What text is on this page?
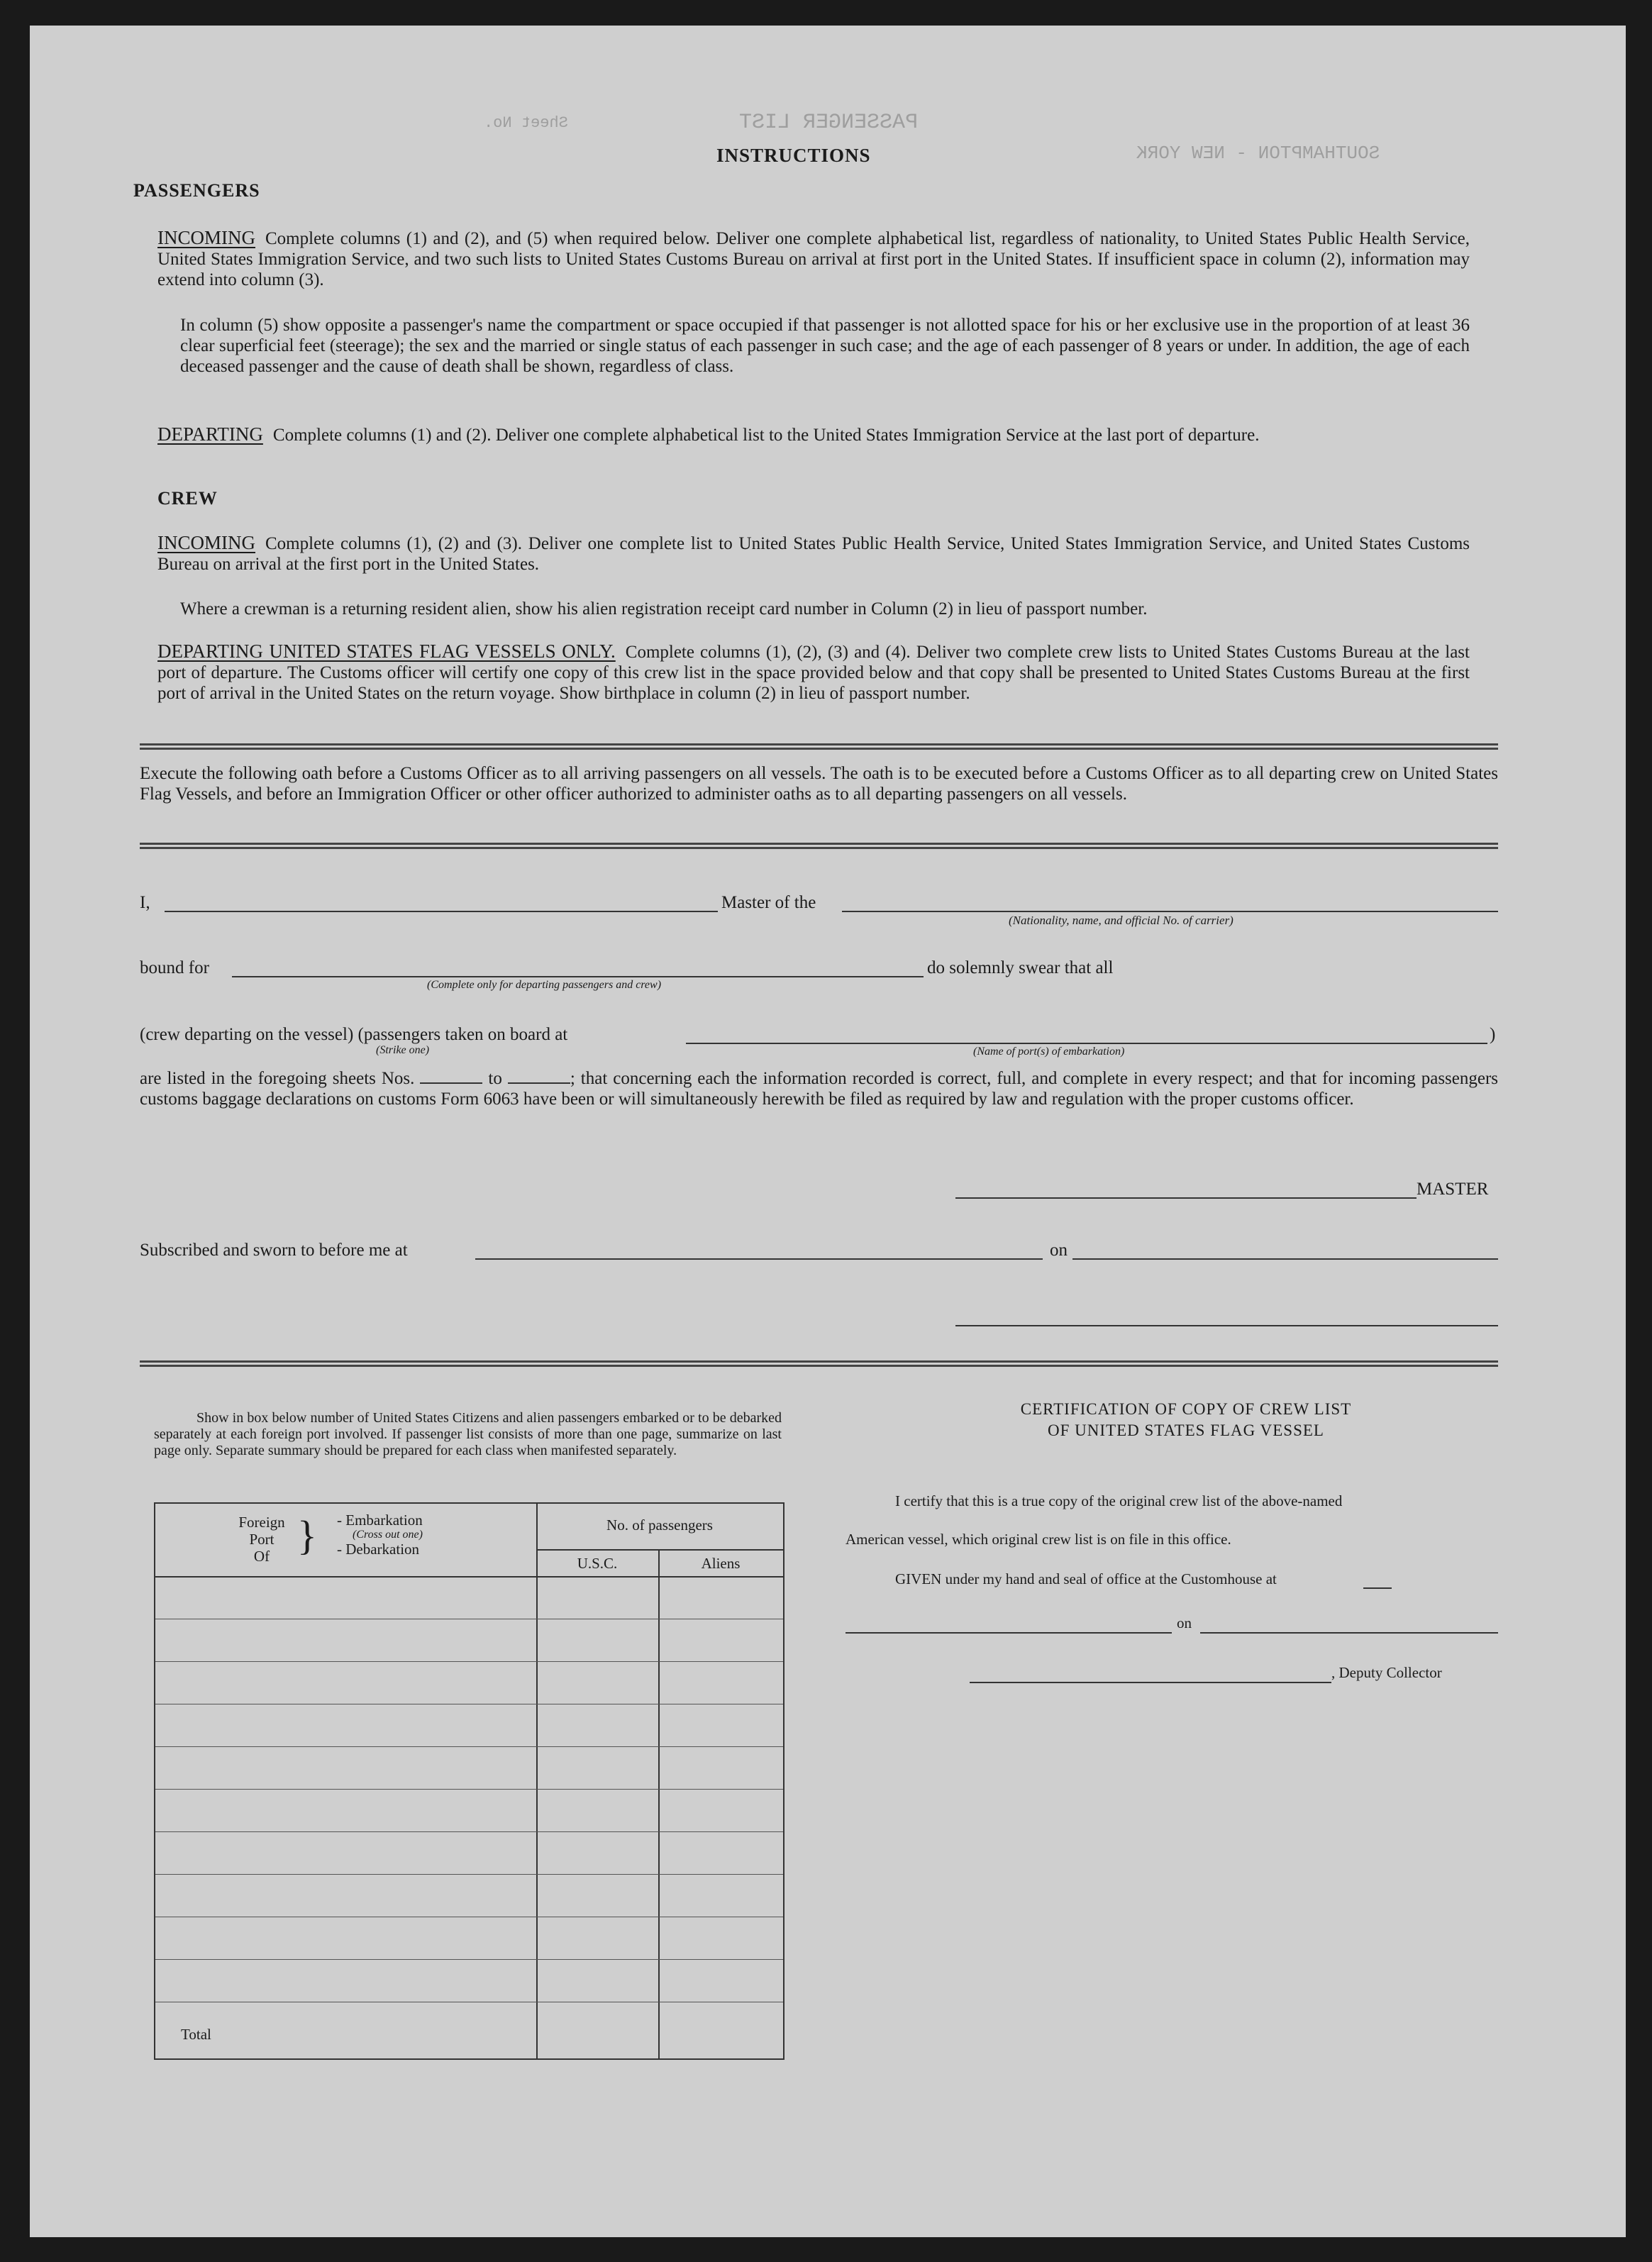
PASSENGER LIST
Sheet No.
SOUTHAMPTON - NEW YORK
INSTRUCTIONS
PASSENGERS
INCOMING Complete columns (1) and (2), and (5) when required below. Deliver one complete alphabetical list, regardless of nationality, to United States Public Health Service, United States Immigration Service, and two such lists to United States Customs Bureau on arrival at first port in the United States. If insufficient space in column (2), information may extend into column (3).
In column (5) show opposite a passenger's name the compartment or space occupied if that passenger is not allotted space for his or her exclusive use in the proportion of at least 36 clear superficial feet (steerage); the sex and the married or single status of each passenger in such case; and the age of each passenger of 8 years or under. In addition, the age of each deceased passenger and the cause of death shall be shown, regardless of class.
DEPARTING Complete columns (1) and (2). Deliver one complete alphabetical list to the United States Immigration Service at the last port of departure.
CREW
INCOMING Complete columns (1), (2) and (3). Deliver one complete list to United States Public Health Service, United States Immigration Service, and United States Customs Bureau on arrival at the first port in the United States.
Where a crewman is a returning resident alien, show his alien registration receipt card number in Column (2) in lieu of passport number.
DEPARTING UNITED STATES FLAG VESSELS ONLY. Complete columns (1), (2), (3) and (4). Deliver two complete crew lists to United States Customs Bureau at the last port of departure. The Customs officer will certify one copy of this crew list in the space provided below and that copy shall be presented to United States Customs Bureau at the first port of arrival in the United States on the return voyage. Show birthplace in column (2) in lieu of passport number.
Execute the following oath before a Customs Officer as to all arriving passengers on all vessels. The oath is to be executed before a Customs Officer as to all departing crew on United States Flag Vessels, and before an Immigration Officer or other officer authorized to administer oaths as to all departing passengers on all vessels.
I,	Master of the
(Nationality, name, and official No. of carrier)
bound for	do solemnly swear that all
(Complete only for departing passengers and crew)
(crew departing on the vessel) (passengers taken on board at	)
(Strike one)	(Name of port(s) of embarkation)
are listed in the foregoing sheets Nos.	to	; that concerning each the information recorded is correct, full, and complete in every respect; and that for incoming passengers customs baggage declarations on customs Form 6063 have been or will simultaneously herewith be filed as required by law and regulation with the proper customs officer.
MASTER
Subscribed and sworn to before me at	on
Show in box below number of United States Citizens and alien passengers embarked or to be debarked separately at each foreign port involved. If passenger list consists of more than one page, summarize on last page only. Separate summary should be prepared for each class when manifested separately.
Foreign
Port
Of } - Embarkation
(Cross out one)
- Debarkation
No. of passengers
U.S.C.	Aliens
Total
CERTIFICATION OF COPY OF CREW LIST
OF UNITED STATES FLAG VESSEL
I certify that this is a true copy of the original crew list of the above-named
American vessel, which original crew list is on file in this office.
GIVEN under my hand and seal of office at the Customhouse at
on
, Deputy Collector
